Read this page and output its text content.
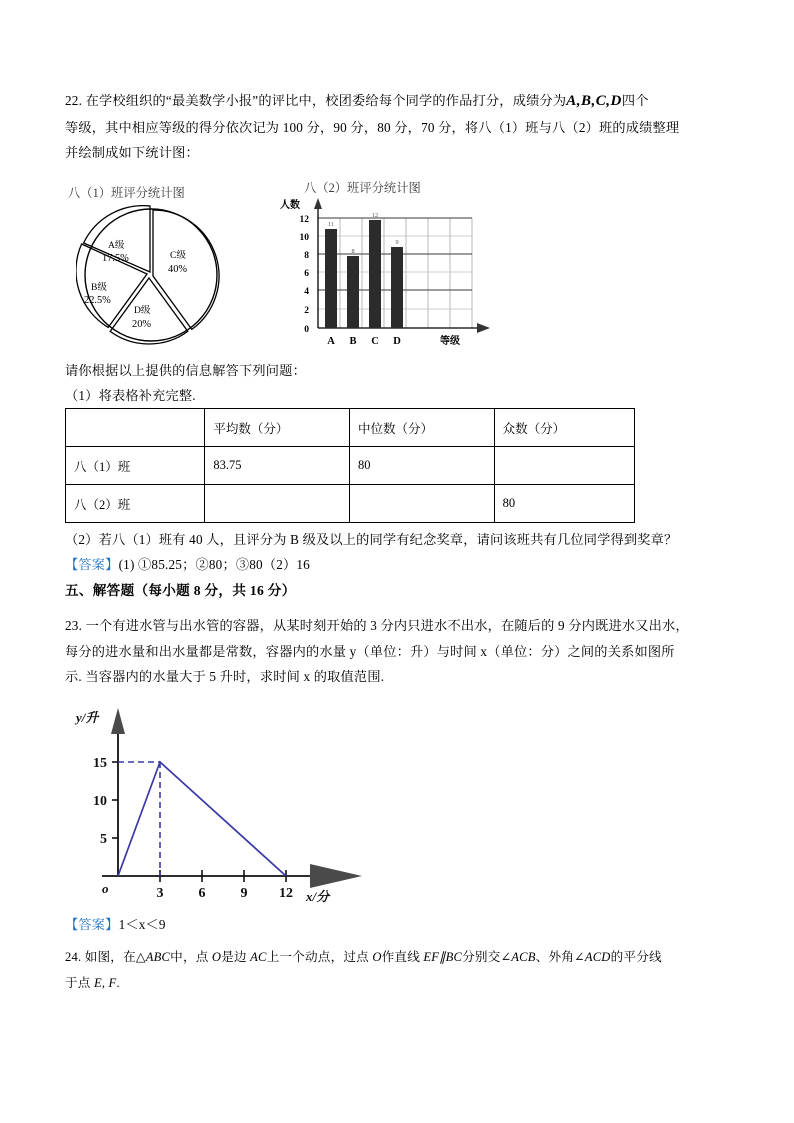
22. 在学校组织的“最美数学小报”的评比中，校团委给每个同学的作品打分，成绩分为A,B,C,D四个
等级，其中相应等级的得分依次记为 100 分，90 分，80 分，70 分，将八（1）班与八（2）班的成绩整理
并绘制成如下统计图：
八（1）班评分统计图
A级
17.5%
B级
22.5%
C级
40%
D级
20%
八（2）班评分统计图
0
2
4
6
8
10
12
人数
等级
11
8
12
9
A B C D
请你根据以上提供的信息解答下列问题：
（1）将表格补充完整.
	平均数（分）	中位数（分）	众数（分）
八（1）班	83.75	80	
八（2）班			80
（2）若八（1）班有 40 人，且评分为 B 级及以上的同学有纪念奖章，请问该班共有几位同学得到奖章？
【答案】(1) ①85.25；②80；③80（2）16
五、解答题（每小题 8 分，共 16 分）
23. 一个有进水管与出水管的容器，从某时刻开始的 3 分内只进水不出水，在随后的 9 分内既进水又出水，
每分的进水量和出水量都是常数，容器内的水量 y（单位：升）与时间 x（单位：分）之间的关系如图所
示. 当容器内的水量大于 5 升时，求时间 x 的取值范围.
5
10
15
3	6	9 12
o
y/升
x/分
【答案】1＜x＜9
24. 如图，在△ABC中，点 O是边 AC上一个动点，过点 O作直线 EF∥BC分别交∠ACB、外角∠ACD的平分线
于点 E, F.
